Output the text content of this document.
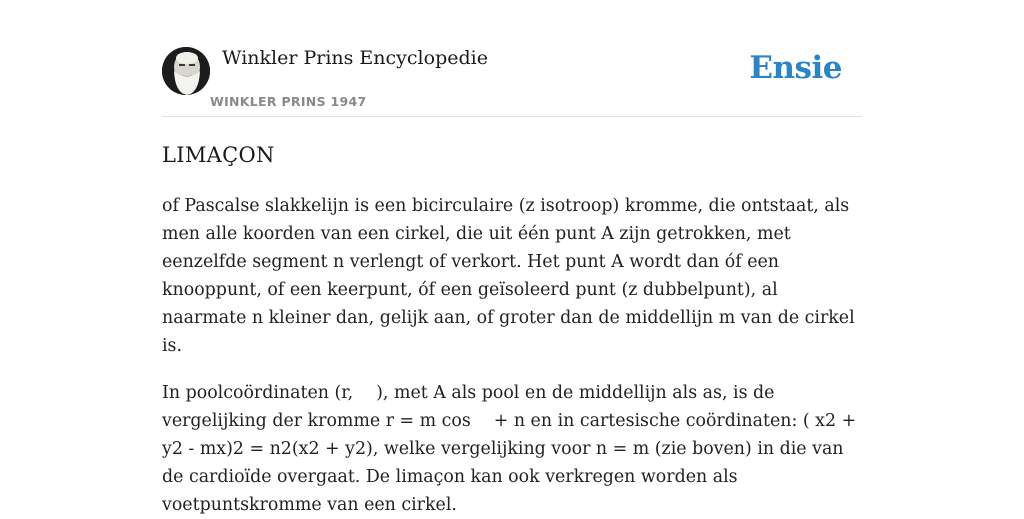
Winkler Prins Encyclopedie
WINKLER PRINS 1947
Ensie
LIMAÇON

of Pascalse slakkelijn is een bicirculaire (z isotroop) kromme, die ontstaat, als men alle koorden van een cirkel, die uit één punt A zijn getrokken, met eenzelfde segment n verlengt of verkort. Het punt A wordt dan óf een knooppunt, of een keerpunt, óf een geïsoleerd punt (z dubbelpunt), al naarmate n kleiner dan, gelijk aan, of groter dan de middellijn m van de cirkel is.

In poolcoördinaten (r,  ), met A als pool en de middellijn als as, is de vergelijking der kromme r = m cos  + n en in cartesische coördinaten: ( x2 + y2 - mx)2 = n2(x2 + y2), welke vergelijking voor n = m (zie boven) in die van de cardioïde overgaat. De limaçon kan ook verkregen worden als voetpuntskromme van een cirkel.
